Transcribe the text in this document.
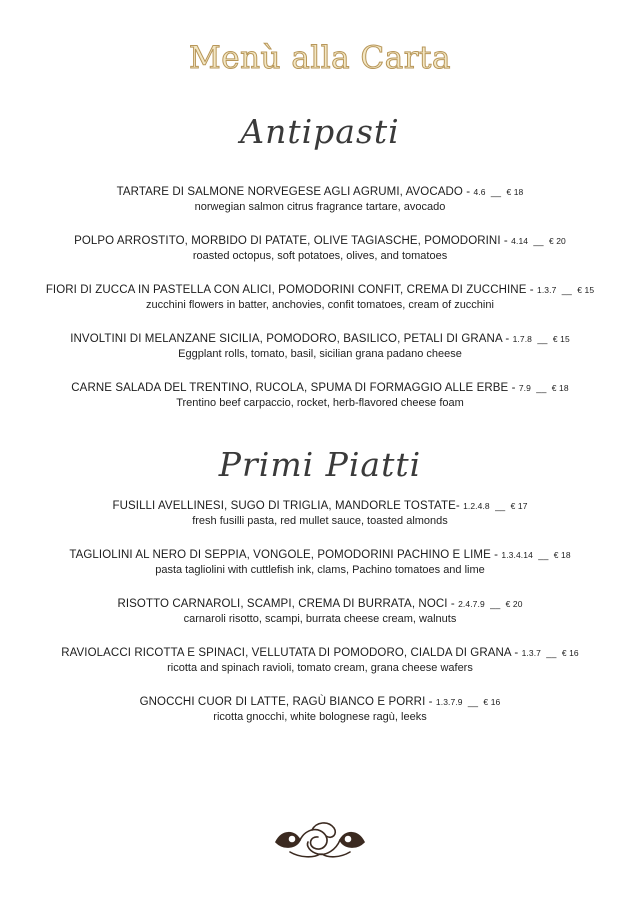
Menù alla Carta
Antipasti
TARTARE DI SALMONE NORVEGESE AGLI AGRUMI, AVOCADO - 4.6 __ € 18
norwegian salmon citrus fragrance tartare, avocado
POLPO ARROSTITO, MORBIDO DI PATATE, OLIVE TAGIASCHE, POMODORINI - 4.14 __ € 20
roasted octopus, soft potatoes, olives, and tomatoes
FIORI DI ZUCCA IN PASTELLA CON ALICI, POMODORINI CONFIT, CREMA DI ZUCCHINE - 1.3.7 __ € 15
zucchini flowers in batter, anchovies, confit tomatoes, cream of zucchini
INVOLTINI DI MELANZANE SICILIA, POMODORO, BASILICO, PETALI DI GRANA - 1.7.8 __ € 15
Eggplant rolls, tomato, basil, sicilian grana padano cheese
CARNE SALADA DEL TRENTINO, RUCOLA, SPUMA DI FORMAGGIO ALLE ERBE - 7.9 __ € 18
Trentino beef carpaccio, rocket, herb-flavored cheese foam
Primi Piatti
FUSILLI AVELLINESI, SUGO DI TRIGLIA, MANDORLE TOSTATE- 1.2.4.8 __ € 17
fresh fusilli pasta, red mullet sauce, toasted almonds
TAGLIOLINI AL NERO DI SEPPIA, VONGOLE, POMODORINI PACHINO E LIME - 1.3.4.14 __ € 18
pasta tagliolini with cuttlefish ink, clams, Pachino tomatoes and lime
RISOTTO CARNAROLI, SCAMPI, CREMA DI BURRATA, NOCI - 2.4.7.9 __ € 20
carnaroli risotto, scampi, burrata cheese cream, walnuts
RAVIOLACCI RICOTTA E SPINACI, VELLUTATA DI POMODORO, CIALDA DI GRANA - 1.3.7 __ € 16
ricotta and spinach ravioli, tomato cream, grana cheese wafers
GNOCCHI CUOR DI LATTE, RAGÙ BIANCO E PORRI - 1.3.7.9 __ € 16
ricotta gnocchi, white bolognese ragù, leeks
